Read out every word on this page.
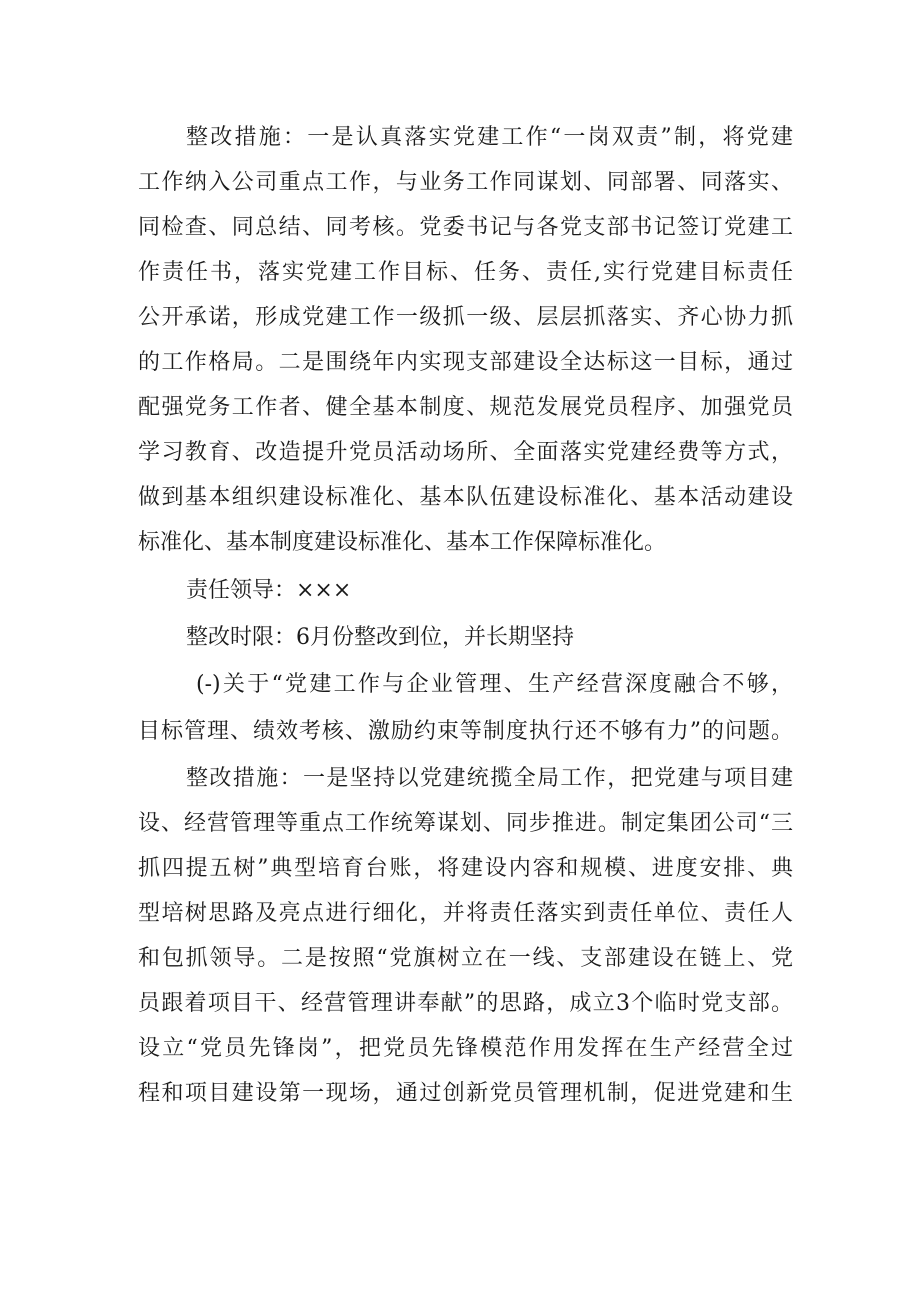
整改措施：一是认真落实党建工作“一岗双责”制，将党建
工作纳入公司重点工作，与业务工作同谋划、同部署、同落实、
同检查、同总结、同考核。党委书记与各党支部书记签订党建工
作责任书，落实党建工作目标、任务、责任,实行党建目标责任
公开承诺，形成党建工作一级抓一级、层层抓落实、齐心协力抓
的工作格局。二是围绕年内实现支部建设全达标这一目标，通过
配强党务工作者、健全基本制度、规范发展党员程序、加强党员
学习教育、改造提升党员活动场所、全面落实党建经费等方式，
做到基本组织建设标准化、基本队伍建设标准化、基本活动建设
标准化、基本制度建设标准化、基本工作保障标准化。
责任领导：×××
整改时限：6月份整改到位，并长期坚持
(-)关于“党建工作与企业管理、生产经营深度融合不够，
目标管理、绩效考核、激励约束等制度执行还不够有力”的问题。
整改措施：一是坚持以党建统揽全局工作，把党建与项目建
设、经营管理等重点工作统筹谋划、同步推进。制定集团公司“三
抓四提五树”典型培育台账，将建设内容和规模、进度安排、典
型培树思路及亮点进行细化，并将责任落实到责任单位、责任人
和包抓领导。二是按照“党旗树立在一线、支部建设在链上、党
员跟着项目干、经营管理讲奉献”的思路，成立3个临时党支部。
设立“党员先锋岗”，把党员先锋模范作用发挥在生产经营全过
程和项目建设第一现场，通过创新党员管理机制，促进党建和生
